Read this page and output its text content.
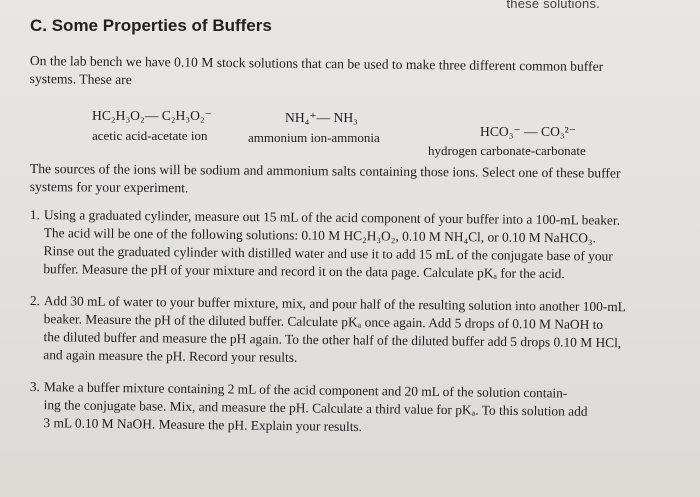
these solutions.
C. Some Properties of Buffers
On the lab bench we have 0.10 M stock solutions that can be used to make three different common buffer
systems. These are
HC₂H₃O₂— C₂H₃O₂⁻
acetic acid-acetate ion
NH₄⁺— NH₃
ammonium ion-ammonia	HCO₃⁻ — CO₃²⁻
hydrogen carbonate-carbonate
The sources of the ions will be sodium and ammonium salts containing those ions. Select one of these buffer
systems for your experiment.
1. Using a graduated cylinder, measure out 15 mL of the acid component of your buffer into a 100-mL beaker.
The acid will be one of the following solutions: 0.10 M HC₂H₃O₂, 0.10 M NH₄Cl, or 0.10 M NaHCO₃.
Rinse out the graduated cylinder with distilled water and use it to add 15 mL of the conjugate base of your
buffer. Measure the pH of your mixture and record it on the data page. Calculate pKₐ for the acid.
2. Add 30 mL of water to your buffer mixture, mix, and pour half of the resulting solution into another 100-mL
beaker. Measure the pH of the diluted buffer. Calculate pKₐ once again. Add 5 drops of 0.10 M NaOH to
the diluted buffer and measure the pH again. To the other half of the diluted buffer add 5 drops 0.10 M HCl,
and again measure the pH. Record your results.
3. Make a buffer mixture containing 2 mL of the acid component and 20 mL of the solution contain-
ing the conjugate base. Mix, and measure the pH. Calculate a third value for pKₐ. To this solution add
3 mL 0.10 M NaOH. Measure the pH. Explain your results.
